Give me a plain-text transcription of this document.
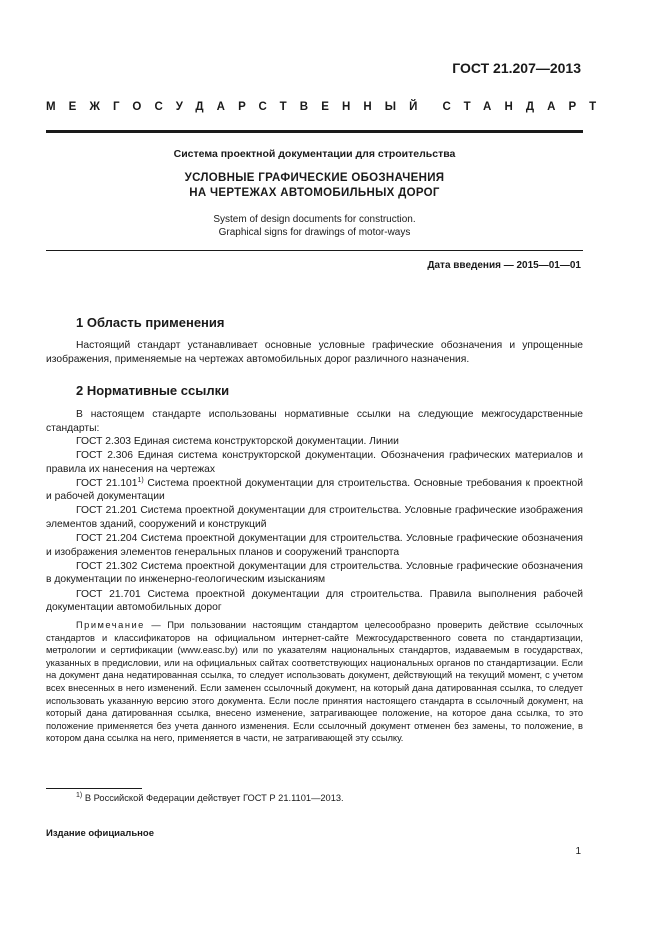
ГОСТ 21.207—2013
МЕЖГОСУДАРСТВЕННЫЙ СТАНДАРТ
Система проектной документации для строительства
УСЛОВНЫЕ ГРАФИЧЕСКИЕ ОБОЗНАЧЕНИЯ
НА ЧЕРТЕЖАХ АВТОМОБИЛЬНЫХ ДОРОГ
System of design documents for construction.
Graphical signs for drawings of motor-ways
Дата введения — 2015—01—01
1 Область применения
Настоящий стандарт устанавливает основные условные графические обозначения и упрощенные изображения, применяемые на чертежах автомобильных дорог различного назначения.
2 Нормативные ссылки
В настоящем стандарте использованы нормативные ссылки на следующие межгосударственные стандарты:
ГОСТ 2.303 Единая система конструкторской документации. Линии
ГОСТ 2.306 Единая система конструкторской документации. Обозначения графических материалов и правила их нанесения на чертежах
ГОСТ 21.101$^{1)}$ Система проектной документации для строительства. Основные требования к проектной и рабочей документации
ГОСТ 21.201 Система проектной документации для строительства. Условные графические изображения элементов зданий, сооружений и конструкций
ГОСТ 21.204 Система проектной документации для строительства. Условные графические обозначения и изображения элементов генеральных планов и сооружений транспорта
ГОСТ 21.302 Система проектной документации для строительства. Условные графические обозначения в документации по инженерно-геологическим изысканиям
ГОСТ 21.701 Система проектной документации для строительства. Правила выполнения рабочей документации автомобильных дорог
Примечание — При пользовании настоящим стандартом целесообразно проверить действие ссылочных стандартов и классификаторов на официальном интернет-сайте Межгосударственного совета по стандартизации, метрологии и сертификации (www.easc.by) или по указателям национальных стандартов, издаваемым в государствах, указанных в предисловии, или на официальных сайтах соответствующих национальных органов по стандартизации. Если на документ дана недатированная ссылка, то следует использовать документ, действующий на текущий момент, с учетом всех внесенных в него изменений. Если заменен ссылочный документ, на который дана датированная ссылка, то следует использовать указанную версию этого документа. Если после принятия настоящего стандарта в ссылочный документ, на который дана датированная ссылка, внесено изменение, затрагивающее положение, на которое дана ссылка, то это положение применяется без учета данного изменения. Если ссылочный документ отменен без замены, то положение, в котором дана ссылка на него, применяется в части, не затрагивающей эту ссылку.
$^{1)}$ В Российской Федерации действует ГОСТ Р 21.1101—2013.
Издание официальное
1
